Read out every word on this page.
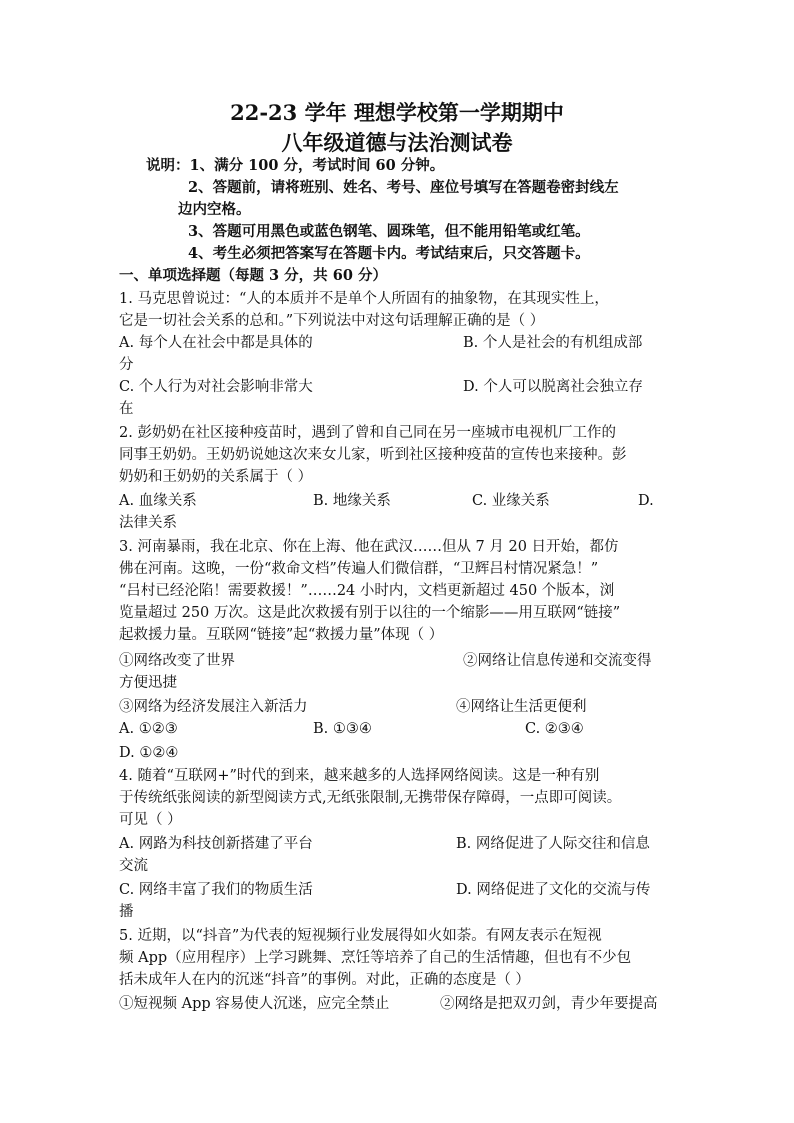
22-23 学年 理想学校第一学期期中
八年级道德与法治测试卷
说明：1、满分 100 分，考试时间 60 分钟。
2、答题前，请将班别、姓名、考号、座位号填写在答题卷密封线左
边内空格。
3、答题可用黑色或蓝色钢笔、圆珠笔，但不能用铅笔或红笔。
4、考生必须把答案写在答题卡内。考试结束后，只交答题卡。
一、单项选择题（每题 3 分，共 60 分）
1. 马克思曾说过：“人的本质并不是单个人所固有的抽象物，在其现实性上，
它是一切社会关系的总和。”下列说法中对这句话理解正确的是（ ）
A. 每个人在社会中都是具体的	B. 个人是社会的有机组成部
分
C. 个人行为对社会影响非常大	D. 个人可以脱离社会独立存
在
2. 彭奶奶在社区接种疫苗时，遇到了曾和自己同在另一座城市电视机厂工作的
同事王奶奶。王奶奶说她这次来女儿家，听到社区接种疫苗的宣传也来接种。彭
奶奶和王奶奶的关系属于（ ）
A. 血缘关系	B. 地缘关系	C. 业缘关系	D.
法律关系
3. 河南暴雨，我在北京、你在上海、他在武汉……但从 7 月 20 日开始，都仿
佛在河南。这晚，一份“救命文档”传遍人们微信群，“卫辉吕村情况紧急！”
“吕村已经沦陷！需要救援！”……24 小时内，文档更新超过 450 个版本，浏
览量超过 250 万次。这是此次救援有别于以往的一个缩影——用互联网“链接”
起救援力量。互联网“链接”起“救援力量”体现（ ）
①网络改变了世界	②网络让信息传递和交流变得
方便迅捷
③网络为经济发展注入新活力	④网络让生活更便利
A. ①②③	B. ①③④	C. ②③④
D. ①②④
4. 随着“互联网+”时代的到来，越来越多的人选择网络阅读。这是一种有别
于传统纸张阅读的新型阅读方式,无纸张限制,无携带保存障碍，一点即可阅读。
可见（ ）
A. 网路为科技创新搭建了平台	B. 网络促进了人际交往和信息
交流
C. 网络丰富了我们的物质生活	D. 网络促进了文化的交流与传
播
5. 近期，以“抖音”为代表的短视频行业发展得如火如荼。有网友表示在短视
频 App（应用程序）上学习跳舞、烹饪等培养了自己的生活情趣，但也有不少包
括未成年人在内的沉迷“抖音”的事例。对此，正确的态度是（ ）
①短视频 App 容易使人沉迷，应完全禁止	②网络是把双刃剑，青少年要提高
